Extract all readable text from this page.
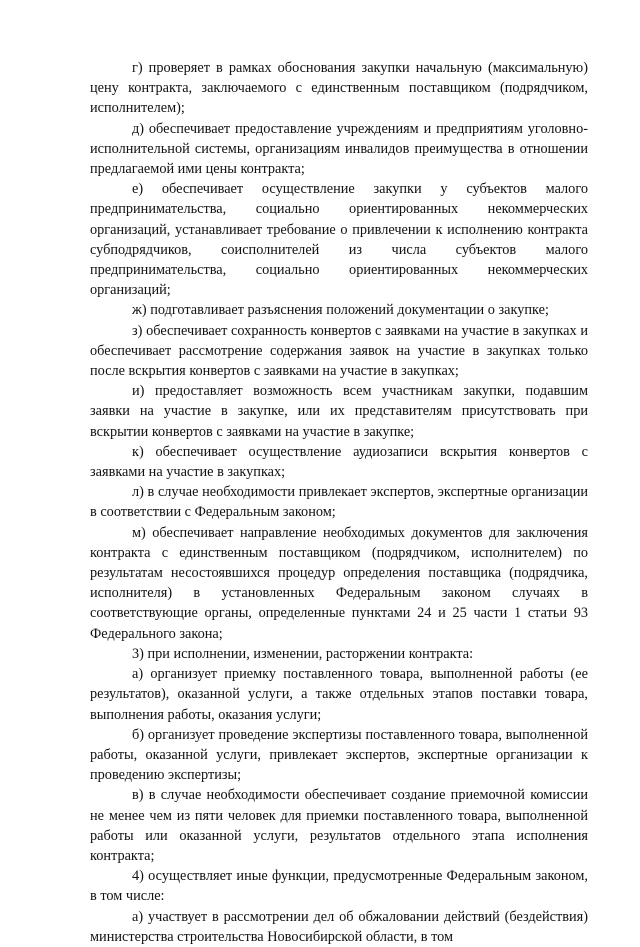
г) проверяет в рамках обоснования закупки начальную (максимальную) цену контракта, заключаемого с единственным поставщиком (подрядчиком, исполнителем);

д) обеспечивает предоставление учреждениям и предприятиям уголовно-исполнительной системы, организациям инвалидов преимущества в отношении предлагаемой ими цены контракта;

е) обеспечивает осуществление закупки у субъектов малого предпринимательства, социально ориентированных некоммерческих организаций, устанавливает требование о привлечении к исполнению контракта субподрядчиков, соисполнителей из числа субъектов малого предпринимательства, социально ориентированных некоммерческих организаций;

ж) подготавливает разъяснения положений документации о закупке;

з) обеспечивает сохранность конвертов с заявками на участие в закупках и обеспечивает рассмотрение содержания заявок на участие в закупках только после вскрытия конвертов с заявками на участие в закупках;

и) предоставляет возможность всем участникам закупки, подавшим заявки на участие в закупке, или их представителям присутствовать при вскрытии конвертов с заявками на участие в закупке;

к) обеспечивает осуществление аудиозаписи вскрытия конвертов с заявками на участие в закупках;

л) в случае необходимости привлекает экспертов, экспертные организации в соответствии с Федеральным законом;

м) обеспечивает направление необходимых документов для заключения контракта с единственным поставщиком (подрядчиком, исполнителем) по результатам несостоявшихся процедур определения поставщика (подрядчика, исполнителя) в установленных Федеральным законом случаях в соответствующие органы, определенные пунктами 24 и 25 части 1 статьи 93 Федерального закона;

3) при исполнении, изменении, расторжении контракта:

а) организует приемку поставленного товара, выполненной работы (ее результатов), оказанной услуги, а также отдельных этапов поставки товара, выполнения работы, оказания услуги;

б) организует проведение экспертизы поставленного товара, выполненной работы, оказанной услуги, привлекает экспертов, экспертные организации к проведению экспертизы;

в) в случае необходимости обеспечивает создание приемочной комиссии не менее чем из пяти человек для приемки поставленного товара, выполненной работы или оказанной услуги, результатов отдельного этапа исполнения контракта;

4) осуществляет иные функции, предусмотренные Федеральным законом, в том числе:

а) участвует в рассмотрении дел об обжаловании действий (бездействия) министерства строительства Новосибирской области, в том
